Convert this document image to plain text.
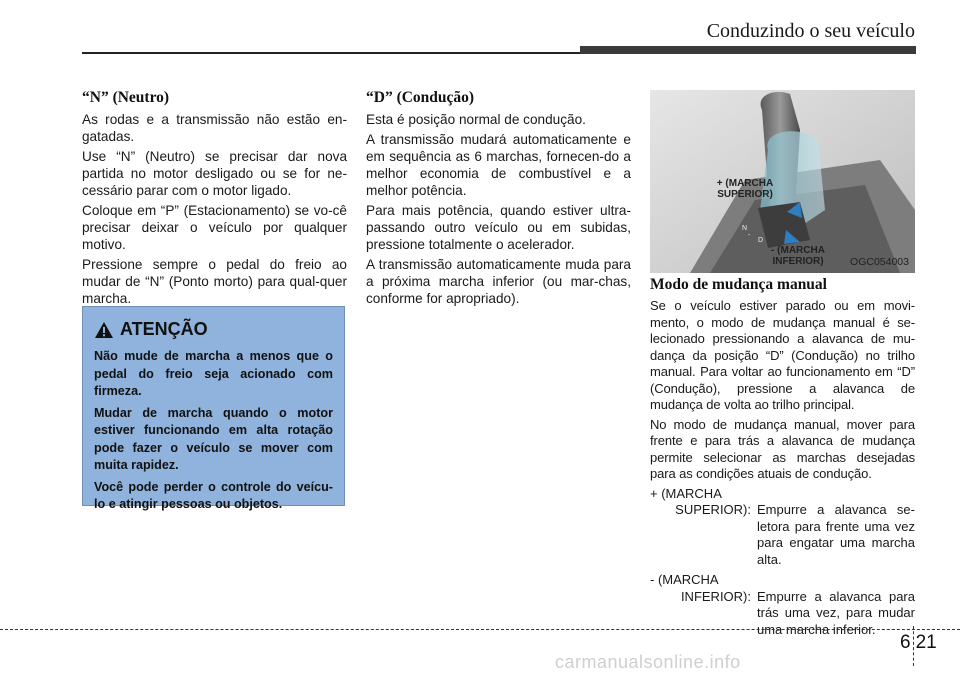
Conduzindo o seu veículo
“N” (Neutro)

As rodas e a transmissão não estão en-gatadas.

Use “N” (Neutro) se precisar dar nova partida no motor desligado ou se for ne-cessário parar com o motor ligado.

Coloque em “P” (Estacionamento) se vo-cê precisar deixar o veículo por qualquer motivo.

Pressione sempre o pedal do freio ao mudar de “N” (Ponto morto) para qual-quer marcha.

ATENÇÃO
Não mude de marcha a menos que o pedal do freio seja acionado com firmeza.
Mudar de marcha quando o motor estiver funcionando em alta rotação pode fazer o veículo se mover com muita rapidez.
Você pode perder o controle do veícu-lo e atingir pessoas ou objetos.
“D” (Condução)

Esta é posição normal de condução.

A transmissão mudará automaticamente e em sequência as 6 marchas, fornecen-do a melhor economia de combustível e a melhor potência.

Para mais potência, quando estiver ultra-passando outro veículo ou em subidas, pressione totalmente o acelerador.

A transmissão automaticamente muda para a próxima marcha inferior (ou mar-chas, conforme for apropriado).

N
-
D
+ (MARCHA SUPERIOR)
- (MARCHA INFERIOR)	OGC054003
Modo de mudança manual

Se o veículo estiver parado ou em movi-mento, o modo de mudança manual é se-lecionado pressionando a alavanca de mu-dança da posição “D” (Condução) no trilho manual. Para voltar ao funcionamento em “D” (Condução), pressione a alavanca de mudança de volta ao trilho principal.

No modo de mudança manual, mover para frente e para trás a alavanca de mudança permite selecionar as marchas desejadas para as condições atuais de condução.

+ (MARCHA
SUPERIOR): Empurre a alavanca se-letora para frente uma vez para engatar uma marcha alta.
- (MARCHA
INFERIOR): Empurre a alavanca para trás uma vez, para mudar uma marcha inferior.
6 21
carmanualsonline.info
